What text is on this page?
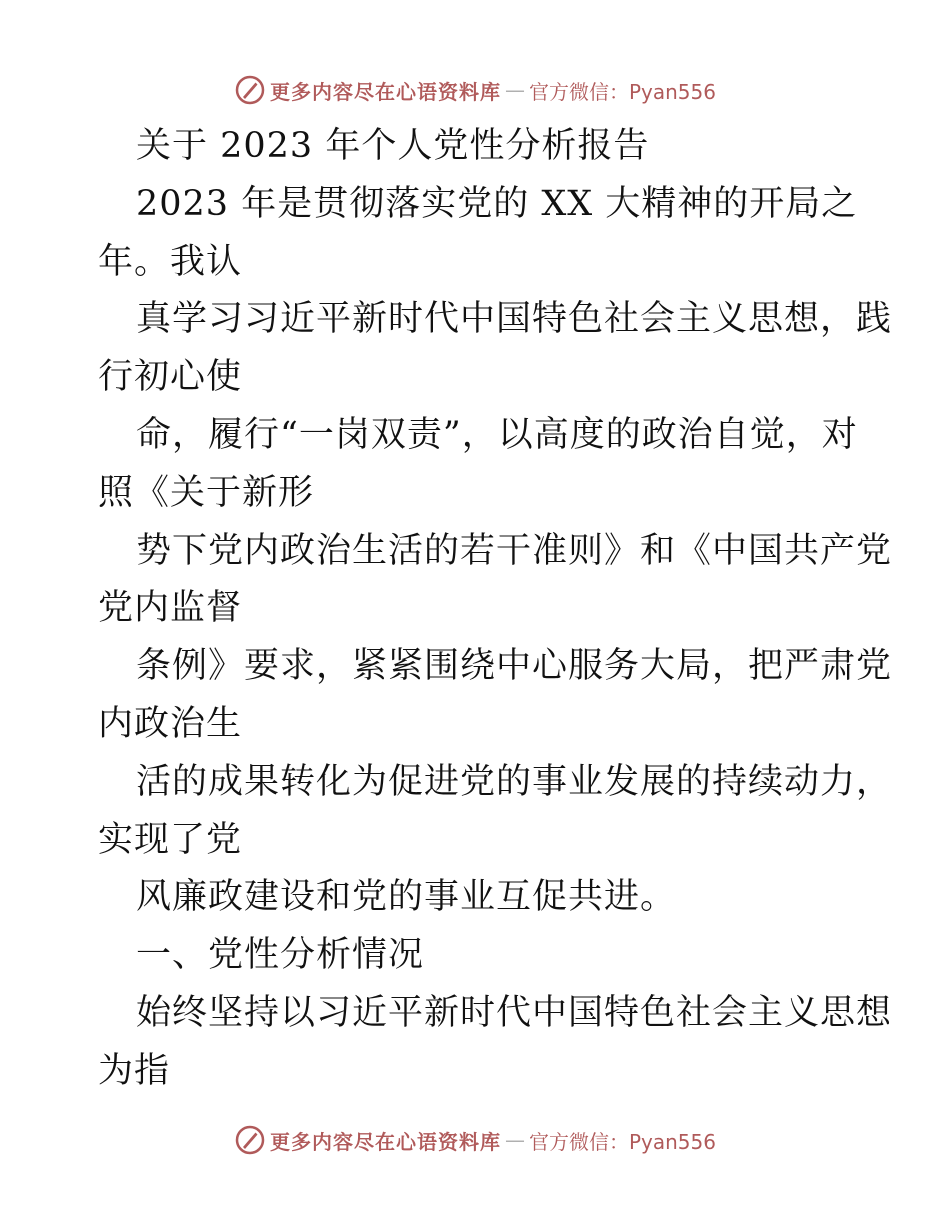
更多内容尽在心语资料库 — 官方微信：Pyan556
关于 2023 年个人党性分析报告
2023 年是贯彻落实党的 XX 大精神的开局之
年。我认
真学习习近平新时代中国特色社会主义思想，践
行初心使
命，履行“一岗双责”，以高度的政治自觉，对
照《关于新形
势下党内政治生活的若干准则》和《中国共产党
党内监督
条例》要求，紧紧围绕中心服务大局，把严肃党
内政治生
活的成果转化为促进党的事业发展的持续动力，
实现了党
风廉政建设和党的事业互促共进。
一、党性分析情况
始终坚持以习近平新时代中国特色社会主义思想
为指
更多内容尽在心语资料库 — 官方微信：Pyan556
